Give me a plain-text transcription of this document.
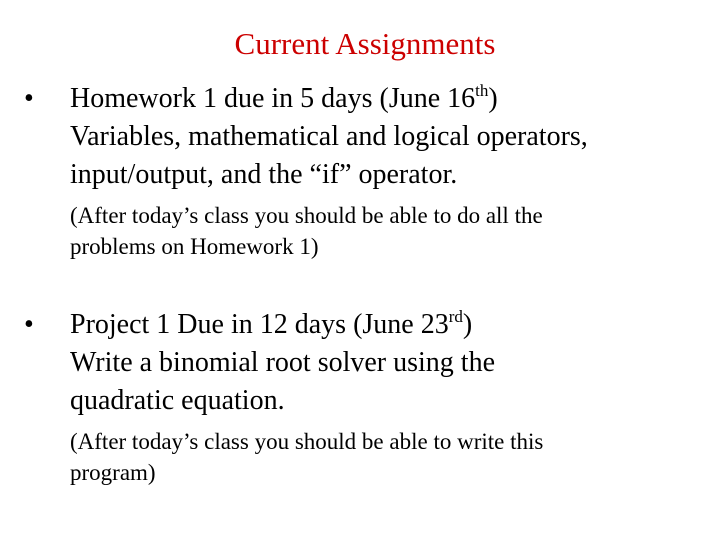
Current Assignments
•	Homework 1 due in 5 days (June 16th)
Variables, mathematical and logical operators,
input/output, and the “if” operator.
(After today’s class you should be able to do all the
problems on Homework 1)
•	Project 1 Due in 12 days (June 23rd)
Write a binomial root solver using the
quadratic equation.
(After today’s class you should be able to write this
program)
